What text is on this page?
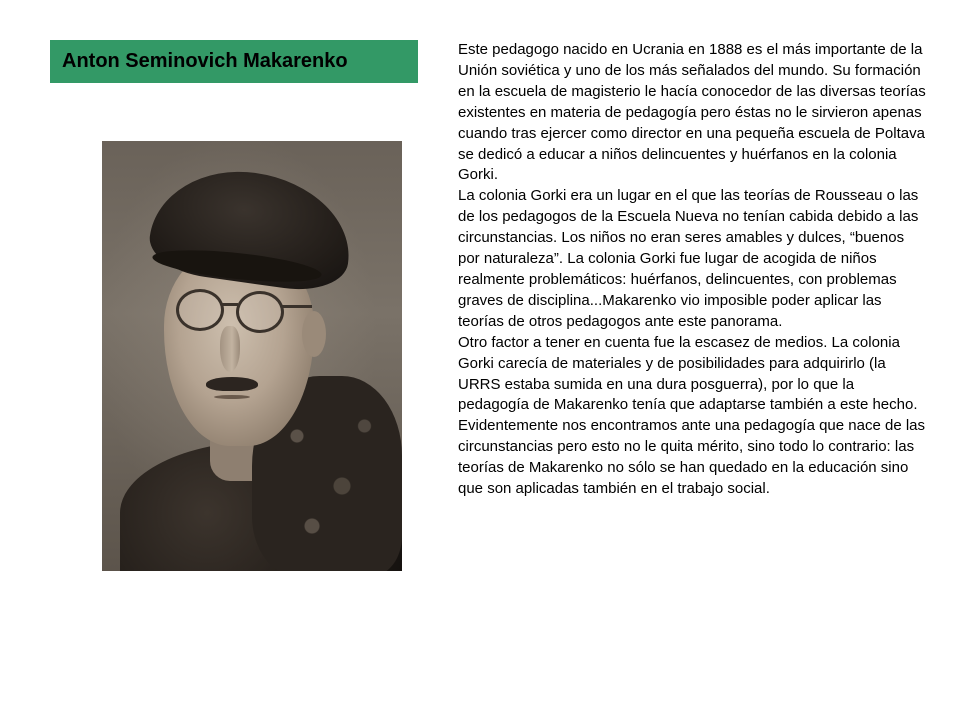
Anton Seminovich Makarenko

Este pedagogo nacido en Ucrania en 1888 es el más importante de la Unión soviética y uno de los más señalados del mundo. Su formación en la escuela de magisterio le hacía conocedor de las diversas teorías existentes en materia de pedagogía pero éstas no le sirvieron apenas cuando tras ejercer como director en una pequeña escuela de Poltava se dedicó a educar a niños delincuentes y huérfanos en la colonia Gorki.

La colonia Gorki era un lugar en el que las teorías de Rousseau o las de los pedagogos de la Escuela Nueva no tenían cabida debido a las circunstancias. Los niños no eran seres amables y dulces, “buenos por naturaleza”. La colonia Gorki fue lugar de acogida de niños realmente problemáticos: huérfanos, delincuentes, con problemas graves de disciplina...Makarenko vio imposible poder aplicar las teorías de otros pedagogos ante este panorama.

Otro factor a tener en cuenta fue la escasez de medios. La colonia Gorki carecía de materiales y de posibilidades para adquirirlo (la URRS estaba sumida en una dura posguerra), por lo que la pedagogía de Makarenko tenía que adaptarse también a este hecho. Evidentemente nos encontramos ante una pedagogía que nace de las circunstancias pero esto no le quita mérito, sino todo lo contrario: las teorías de Makarenko no sólo se han quedado en la educación sino que son aplicadas también en el trabajo social.
